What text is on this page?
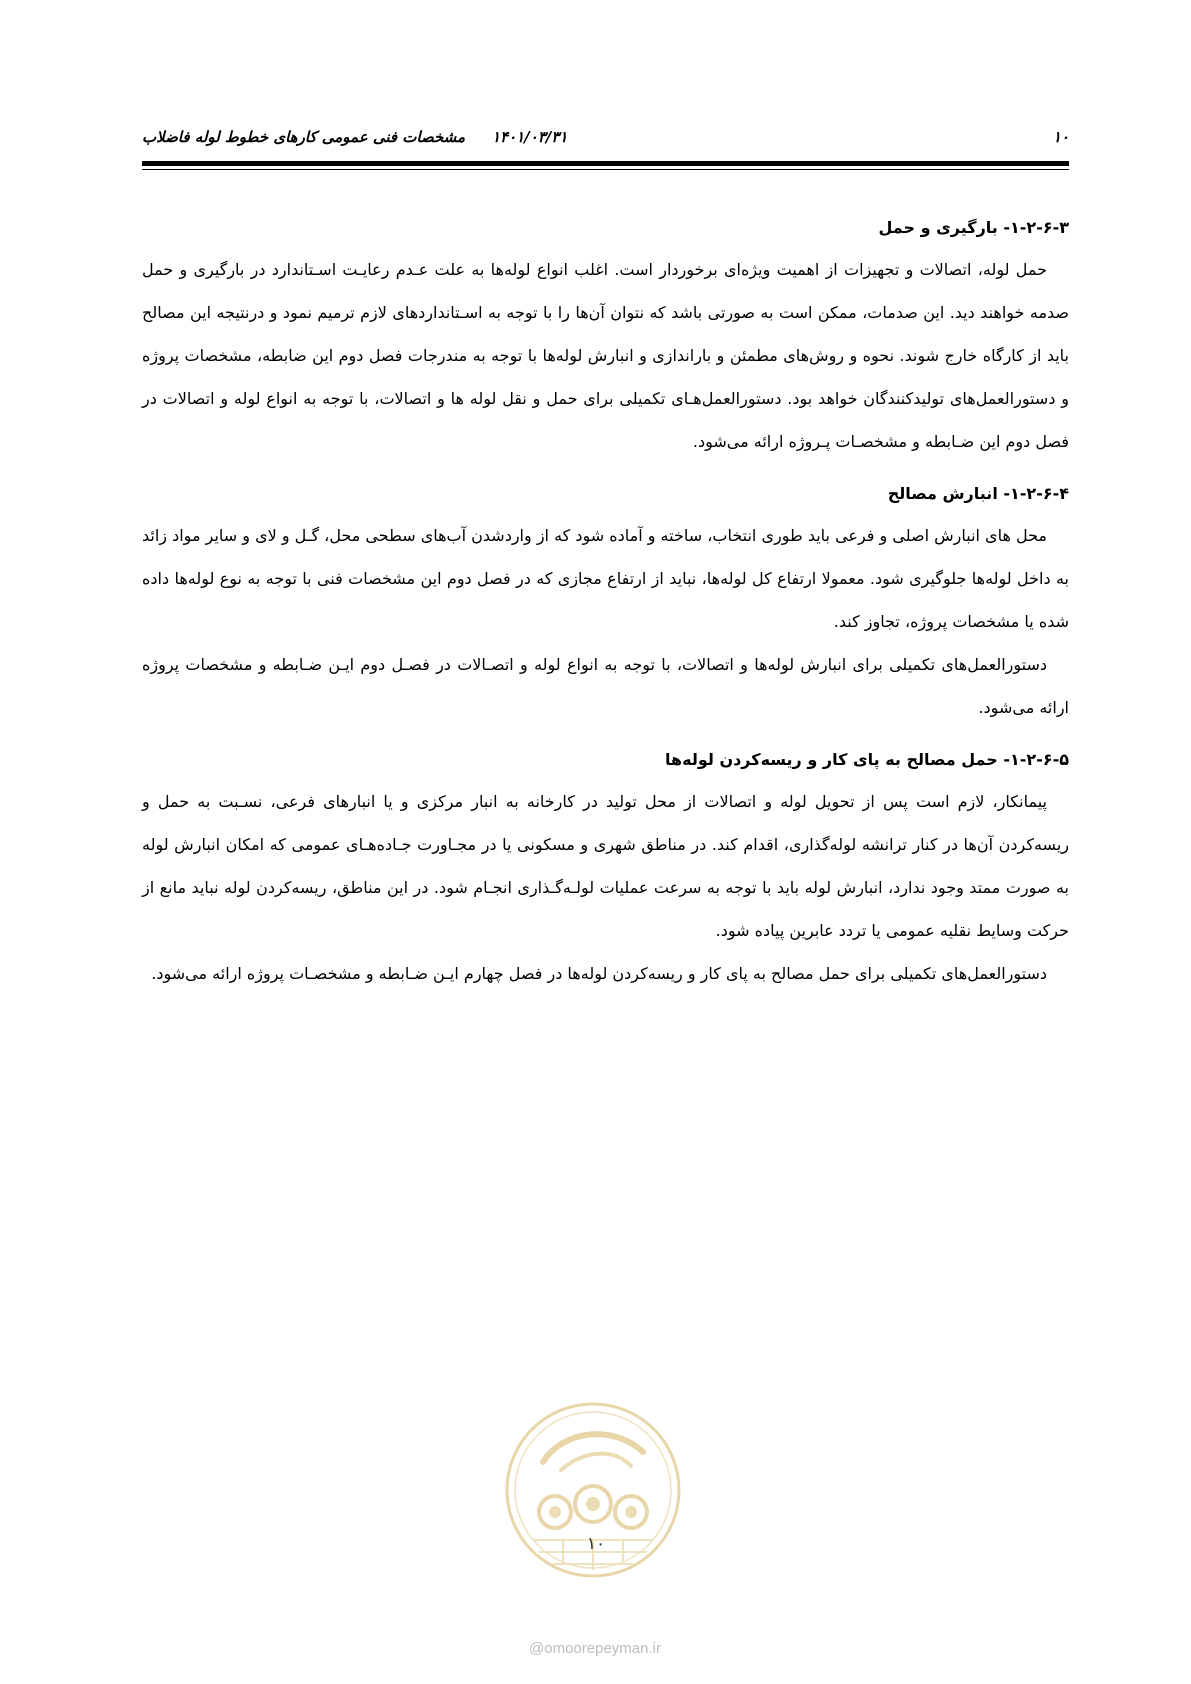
۱۰
۱۴۰۱/۰۳/۳۱
مشخصات فنی عمومی کارهای خطوط لوله فاضلاب
۱-۲-۶-۳- بارگیری و حمل

حمل لوله، اتصالات و تجهیزات از اهمیت ویژه‌ای برخوردار است. اغلب انواع لوله‌ها به علت عـدم رعایـت اسـتاندارد در بارگیری و حمل صدمه خواهند دید. این صدمات، ممکن است به صورتی باشد که نتوان آن‌ها را با توجه به اسـتانداردهای لازم ترمیم نمود و درنتیجه این مصالح باید از کارگاه خارج شوند. نحوه و روش‌های مطمئن و باراندازی و انبارش لوله‌ها با توجه به مندرجات فصل دوم این ضابطه، مشخصات پروژه و دستورالعمل‌های تولیدکنندگان خواهد بود. دستورالعمل‌هـای تکمیلی برای حمل و نقل لوله ها و اتصالات، با توجه به انواع لوله و اتصالات در فصل دوم این ضـابطه و مشخصـات پـروژه ارائه می‌شود.

۱-۲-۶-۴- انبارش مصالح

محل های انبارش اصلی و فرعی باید طوری انتخاب، ساخته و آماده شود که از واردشدن آب‌های سطحی محل، گـل و لای و سایر مواد زائد به داخل لوله‌ها جلوگیری شود. معمولا ارتفاع کل لوله‌ها، نباید از ارتفاع مجازی که در فصل دوم این مشخصات فنی با توجه به نوع لوله‌ها داده شده یا مشخصات پروژه، تجاوز کند.

دستورالعمل‌های تکمیلی برای انبارش لوله‌ها و اتصالات، با توجه به انواع لوله و اتصـالات در فصـل دوم ایـن ضـابطه و مشخصات پروژه ارائه می‌شود.

۱-۲-۶-۵- حمل مصالح به پای کار و ریسه‌کردن لوله‌ها

پیمانکار، لازم است پس از تحویل لوله و اتصالات از محل تولید در کارخانه به انبار مرکزی و یا انبارهای فرعی، نسـبت به حمل و ریسه‌کردن آن‌ها در کنار ترانشه لوله‌گذاری، اقدام کند. در مناطق شهری و مسکونی یا در مجـاورت جـاده‌هـای عمومی که امکان انبارش لوله به صورت ممتد وجود ندارد، انبارش لوله باید با توجه به سرعت عملیات لولـه‌گـذاری انجـام شود. در این مناطق، ریسه‌کردن لوله نباید مانع از حرکت وسایط نقلیه عمومی یا تردد عابرین پیاده شود.

دستورالعمل‌های تکمیلی برای حمل مصالح به پای کار و ریسه‌کردن لوله‌ها در فصل چهارم ایـن ضـابطه و مشخصـات پروژه ارائه می‌شود.

۱۰
@omoorepeyman.ir
